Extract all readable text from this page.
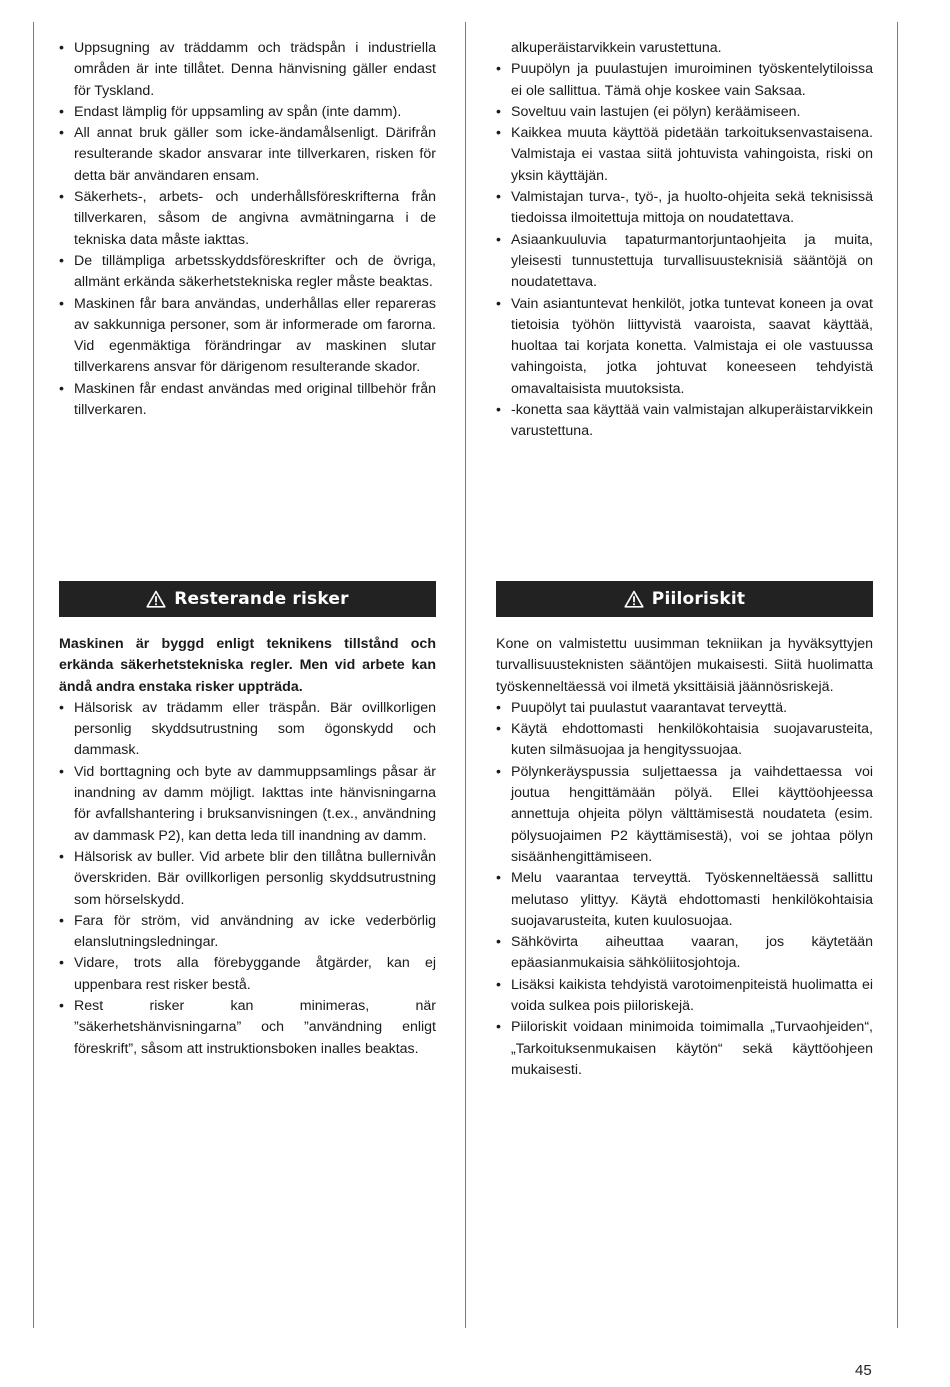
• Uppsugning av träddamm och trädspån i industriella områden är inte tillåtet. Denna hänvisning gäller endast för Tyskland.
• Endast lämplig för uppsamling av spån (inte damm).
• All annat bruk gäller som icke-ändamålsenligt. Därifrån resulterande skador ansvarar inte tillverkaren, risken för detta bär användaren ensam.
• Säkerhets-, arbets- och underhållsföreskrifterna från tillverkaren, såsom de angivna avmätningarna i de tekniska data måste iakttas.
• De tillämpliga arbetsskyddsföreskrifter och de övriga, allmänt erkända säkerhetstekniska regler måste beaktas.
• Maskinen får bara användas, underhållas eller repareras av sakkunniga personer, som är informerade om farorna. Vid egenmäktiga förändringar av maskinen slutar tillverkarens ansvar för därigenom resulterande skador.
• Maskinen får endast användas med original tillbehör från tillverkaren.
alkuperäistarvikkein varustettuna.
• Puupölyn ja puulastujen imuroiminen työskentelytiloissa ei ole sallittua. Tämä ohje koskee vain Saksaa.
• Soveltuu vain lastujen (ei pölyn) keräämiseen.
• Kaikkea muuta käyttöä pidetään tarkoituksenvastaisena. Valmistaja ei vastaa siitä johtuvista vahingoista, riski on yksin käyttäjän.
• Valmistajan turva-, työ-, ja huolto-ohjeita sekä teknisissä tiedoissa ilmoitettuja mittoja on noudatettava.
• Asiaankuuluvia tapaturmantorjuntaohjeita ja muita, yleisesti tunnustettuja turvallisuusteknisiä sääntöjä on noudatettava.
• Vain asiantuntevat henkilöt, jotka tuntevat koneen ja ovat tietoisia työhön liittyvistä vaaroista, saavat käyttää, huoltaa tai korjata konetta. Valmistaja ei ole vastuussa vahingoista, jotka johtuvat koneeseen tehdyistä omavaltaisista muutoksista.
• -konetta saa käyttää vain valmistajan alkuperäistarvikkein varustettuna.
Resterande risker	Piiloriskit

Maskinen är byggd enligt teknikens tillstånd och erkända säkerhetstekniska regler. Men vid arbete kan ändå andra enstaka risker uppträda.

• Hälsorisk av trädamm eller träspån. Bär ovillkorligen personlig skyddsutrustning som ögonskydd och dammask.
• Vid borttagning och byte av dammuppsamlings påsar är inandning av damm möjligt. Iakttas inte hänvisningarna för avfallshantering i bruksanvisningen (t.ex., användning av dammask P2), kan detta leda till inandning av damm.
• Hälsorisk av buller. Vid arbete blir den tillåtna bullernivån överskriden. Bär ovillkorligen personlig skyddsutrustning som hörselskydd.
• Fara för ström, vid användning av icke vederbörlig elanslutningsledningar.
• Vidare, trots alla förebyggande åtgärder, kan ej uppenbara rest risker bestå.
• Rest risker kan minimeras, när ”säkerhetshänvisningarna” och ”användning enligt föreskrift”, såsom att instruktionsboken inalles beaktas.

Kone on valmistettu uusimman tekniikan ja hyväksyttyjen turvallisuusteknisten sääntöjen mukaisesti. Siitä huolimatta työskenneltäessä voi ilmetä yksittäisiä jäännösriskejä.

• Puupölyt tai puulastut vaarantavat terveyttä.
• Käytä ehdottomasti henkilökohtaisia suojavarusteita, kuten silmäsuojaa ja hengityssuojaa.
• Pölynkeräyspussia suljettaessa ja vaihdettaessa voi joutua hengittämään pölyä. Ellei käyttöohjeessa annettuja ohjeita pölyn välttämisestä noudateta (esim. pölysuojaimen P2 käyttämisestä), voi se johtaa pölyn sisäänhengittämiseen.
• Melu vaarantaa terveyttä. Työskenneltäessä sallittu melutaso ylittyy. Käytä ehdottomasti henkilökohtaisia suojavarusteita, kuten kuulosuojaa.
• Sähkövirta aiheuttaa vaaran, jos käytetään epäasianmukaisia sähköliitosjohtoja.
• Lisäksi kaikista tehdyistä varotoimenpiteistä huolimatta ei voida sulkea pois piiloriskejä.
• Piiloriskit voidaan minimoida toimimalla „Turvaohjeiden“, „Tarkoituksenmukaisen käytön“ sekä käyttöohjeen mukaisesti.
45
